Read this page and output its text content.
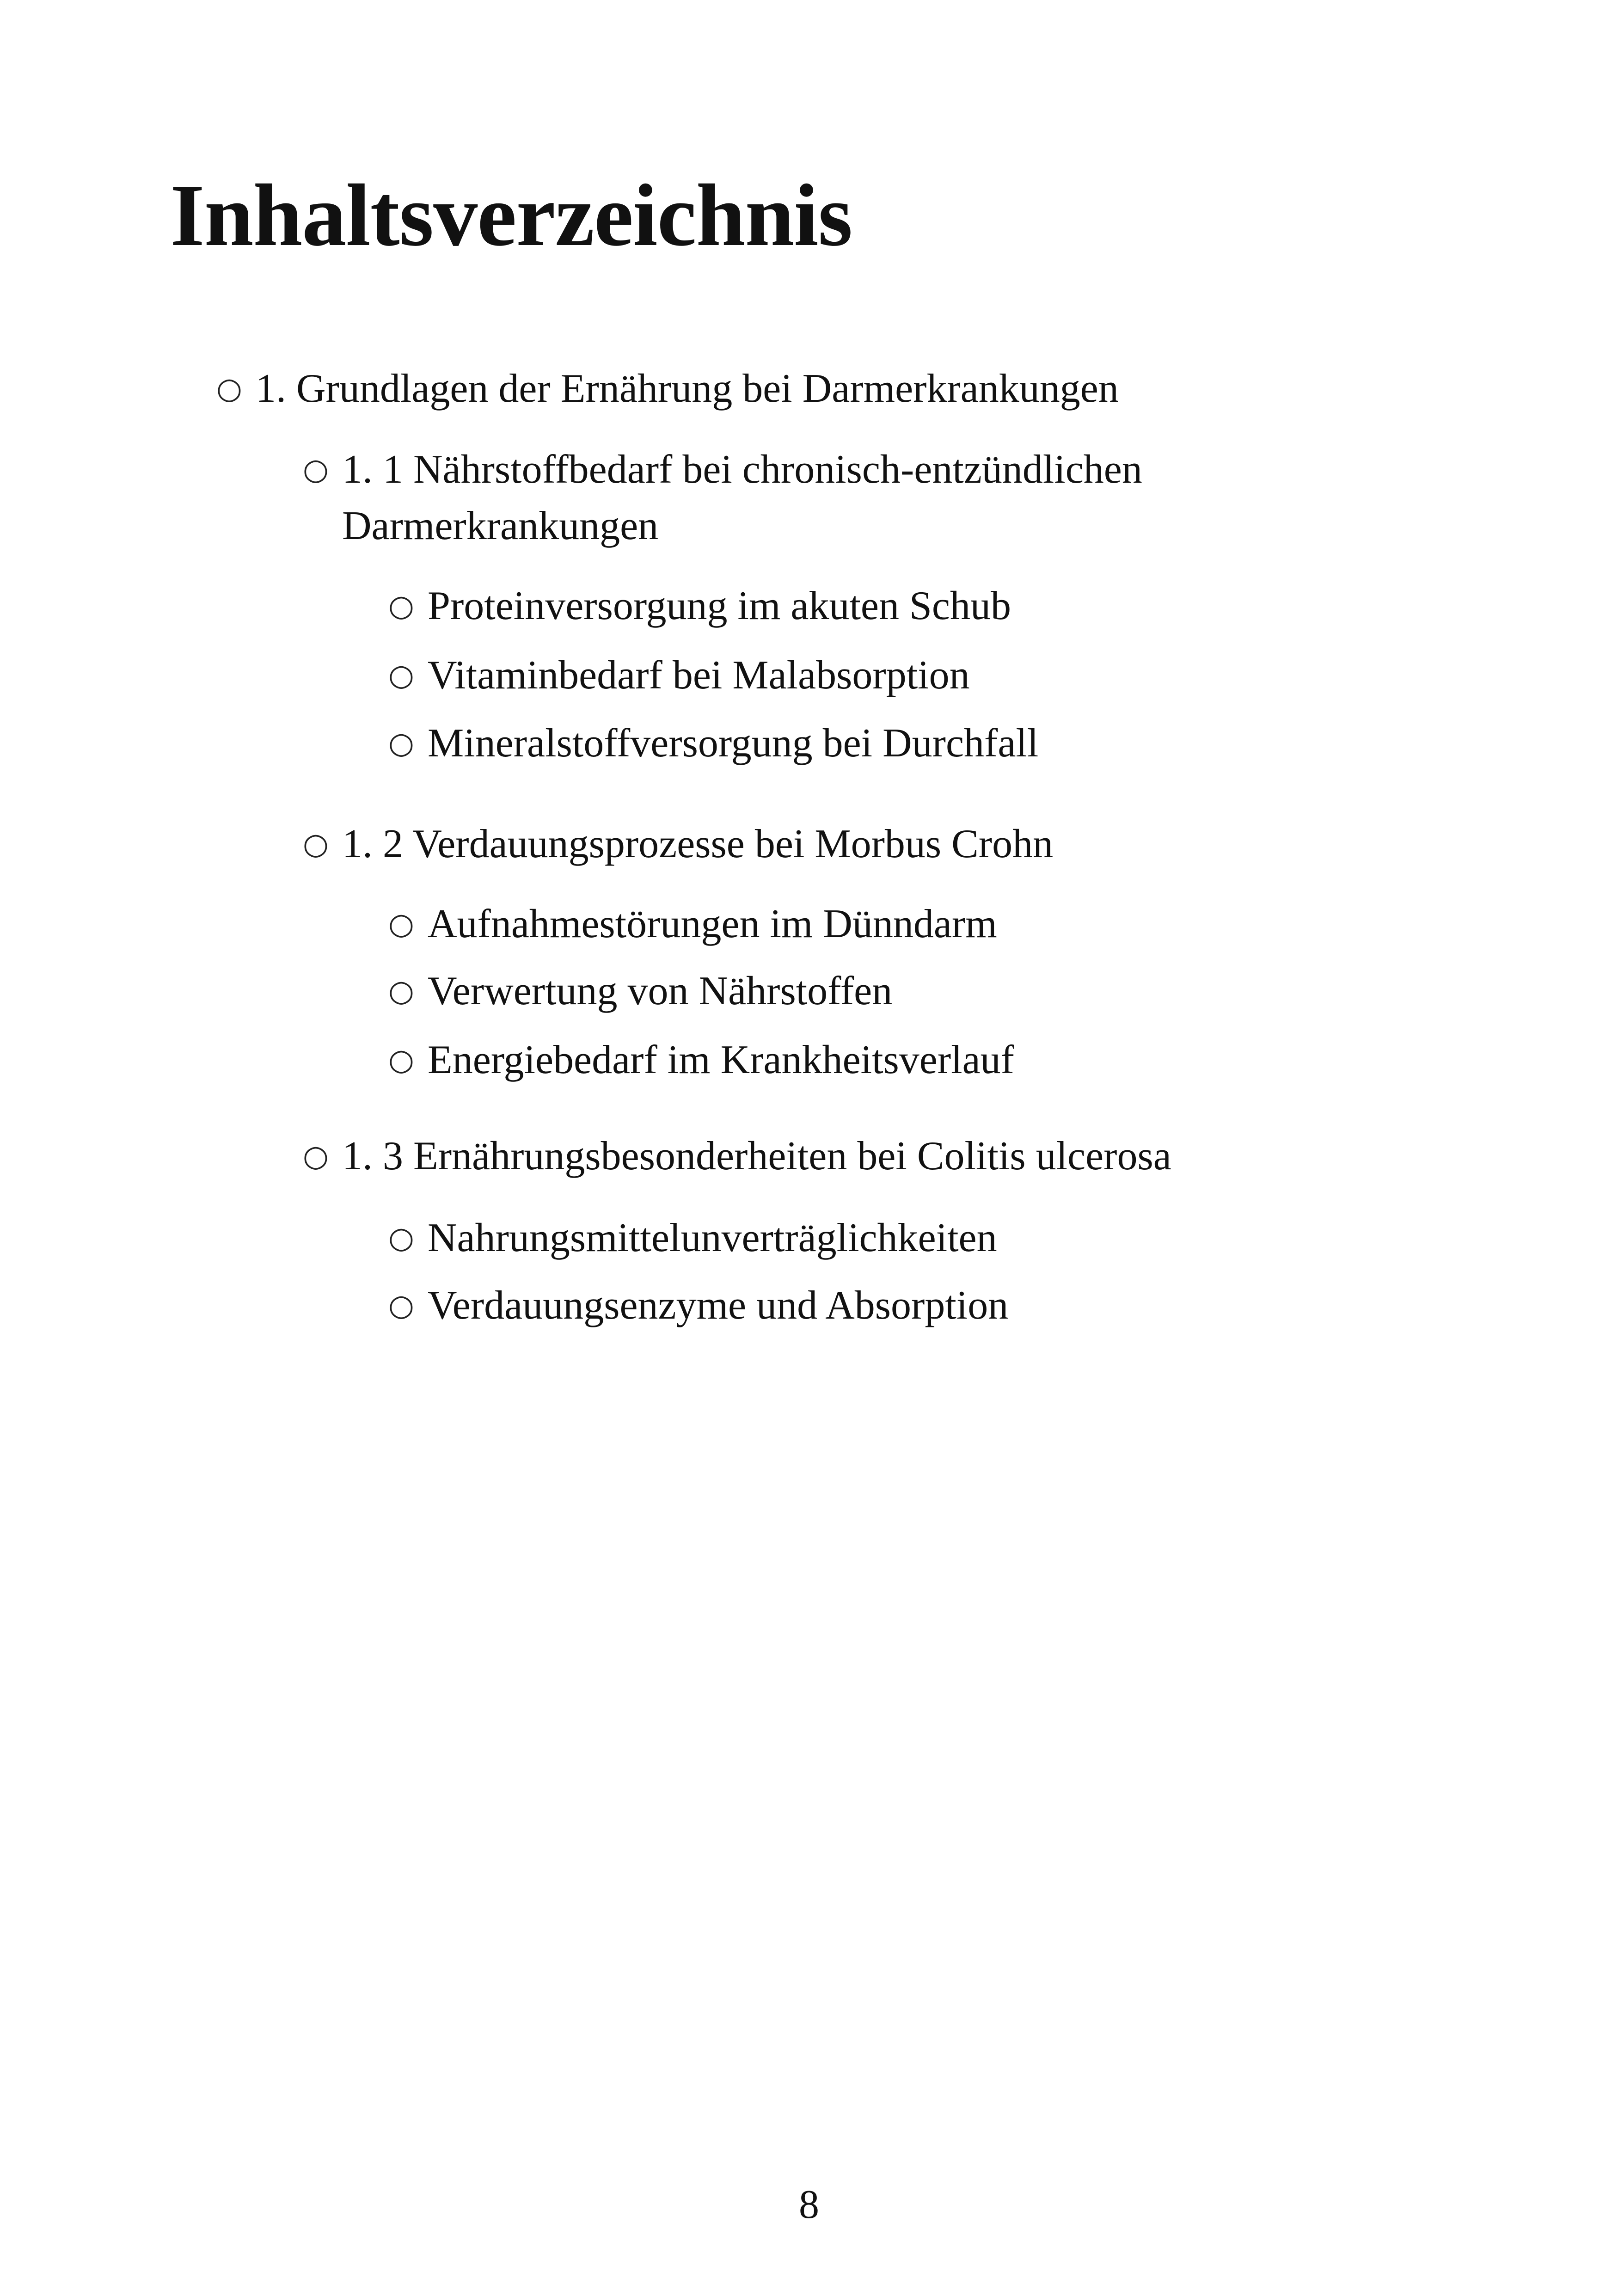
Inhaltsverzeichnis
○ 1. Grundlagen der Ernährung bei Darmerkrankungen
○ 1. 1 Nährstoffbedarf bei chronisch-entzündlichen Darmerkrankungen
○ Proteinversorgung im akuten Schub
○ Vitaminbedarf bei Malabsorption
○ Mineralstoffversorgung bei Durchfall
○ 1. 2 Verdauungsprozesse bei Morbus Crohn
○ Aufnahmestörungen im Dünndarm
○ Verwertung von Nährstoffen
○ Energiebedarf im Krankheitsverlauf
○ 1. 3 Ernährungsbesonderheiten bei Colitis ulcerosa
○ Nahrungsmittelunverträglichkeiten
○ Verdauungsenzyme und Absorption

8
